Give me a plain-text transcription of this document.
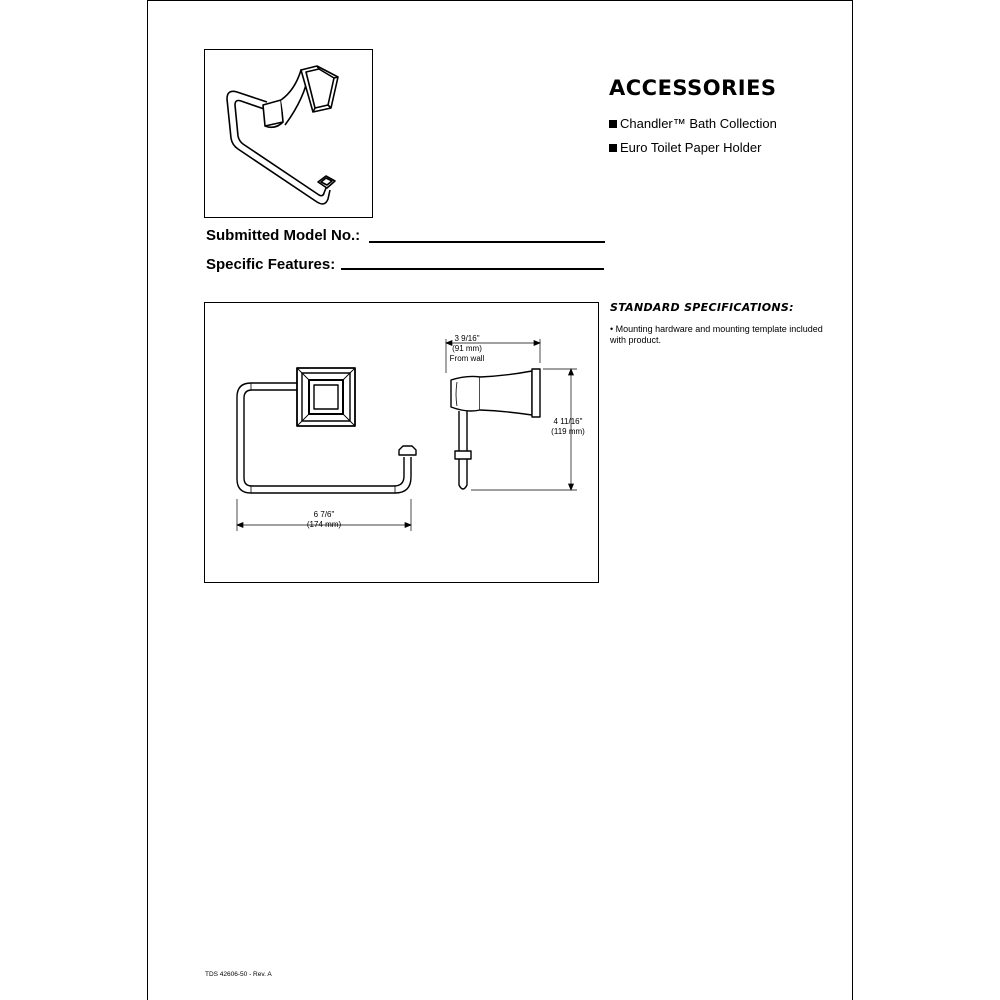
ACCESSORIES
Chandler™ Bath Collection
Euro Toilet Paper Holder
Submitted Model No.:
Specific Features:
3 9/16"
(91 mm)
From wall
4 11/16"
(119 mm)
6 7/6"
(174 mm)
STANDARD SPECIFICATIONS:
• Mounting hardware and mounting template included with product.
TDS 42606-50 - Rev. A
